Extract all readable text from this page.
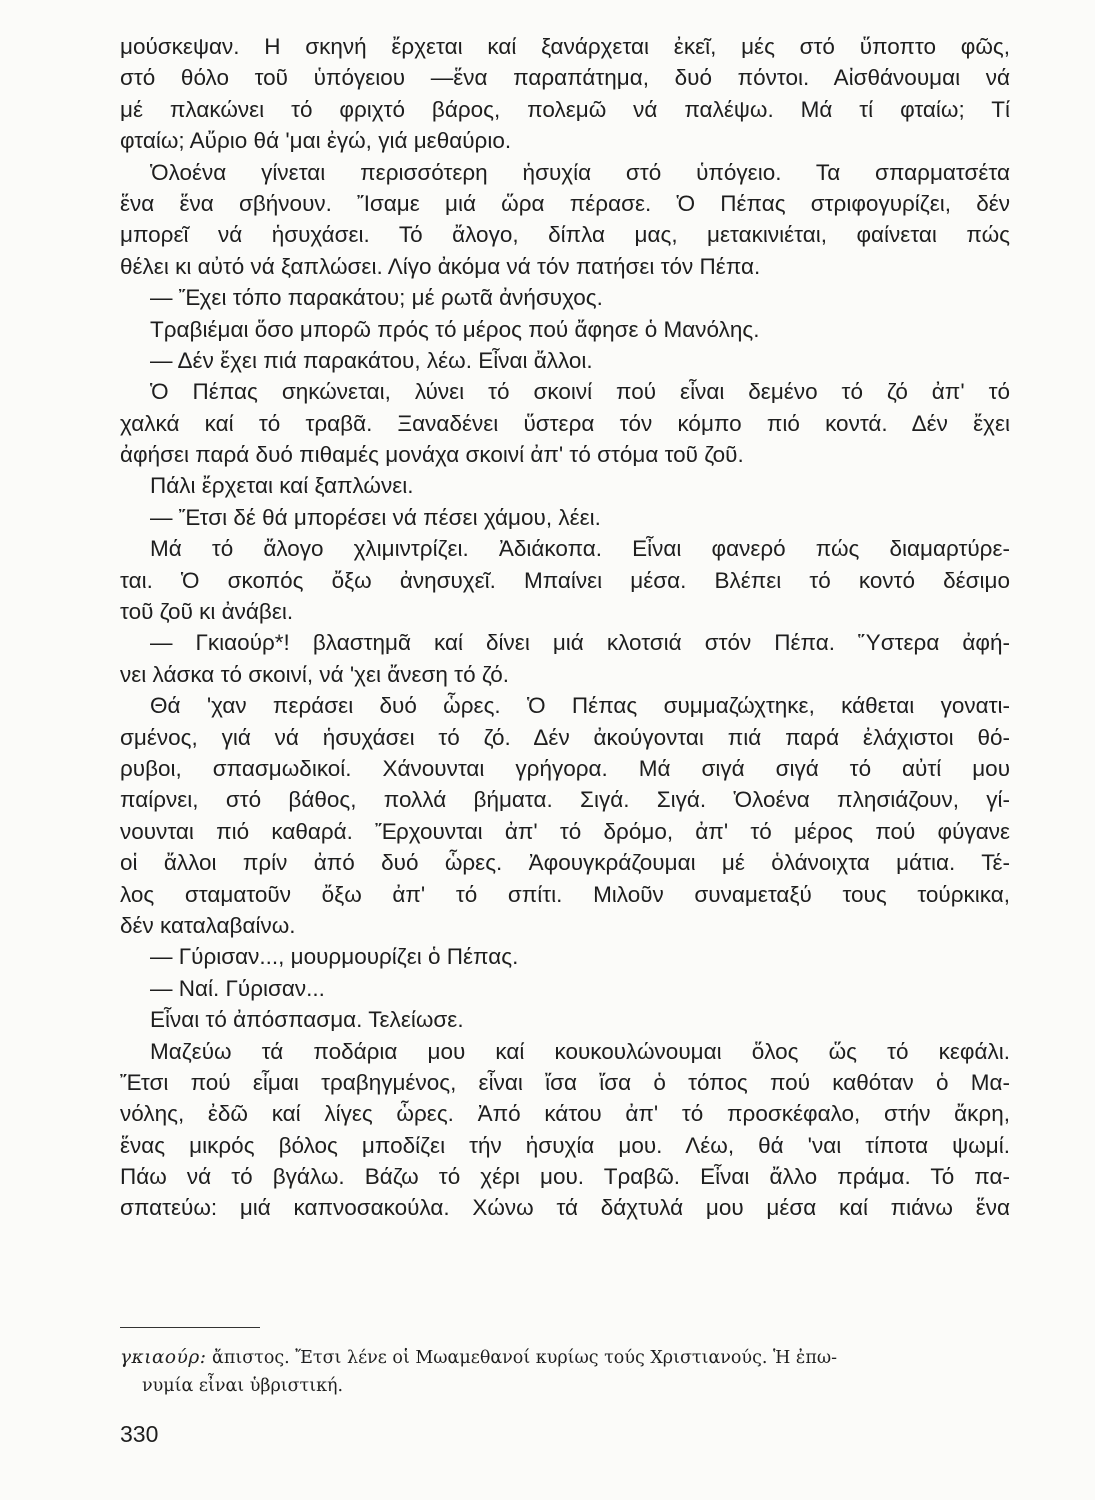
μούσκεψαν. Η σκηνή ἔρχεται καί ξανάρχεται ἐκεῖ, μές στό ὕποπτο φῶς,
στό θόλο τοῦ ὑπόγειου —ἕνα παραπάτημα, δυό πόντοι. Αἰσθάνουμαι νά
μέ πλακώνει τό φριχτό βάρος, πολεμῶ νά παλέψω. Μά τί φταίω; Τί
φταίω; Αὔριο θά 'μαι ἐγώ, γιά μεθαύριο.
Ὁλοένα γίνεται περισσότερη ἡσυχία στό ὑπόγειο. Τα σπαρματσέτα
ἕνα ἕνα σβήνουν. Ἴσαμε μιά ὥρα πέρασε. Ὁ Πέπας στριφογυρίζει, δέν
μπορεῖ νά ἡσυχάσει. Τό ἄλογο, δίπλα μας, μετακινιέται, φαίνεται πώς
θέλει κι αὐτό νά ξαπλώσει. Λίγο ἀκόμα νά τόν πατήσει τόν Πέπα.
— Ἔχει τόπο παρακάτου; μέ ρωτᾶ ἀνήσυχος.
Τραβιέμαι ὅσο μπορῶ πρός τό μέρος πού ἄφησε ὁ Μανόλης.
— Δέν ἔχει πιά παρακάτου, λέω. Εἶναι ἄλλοι.
Ὁ Πέπας σηκώνεται, λύνει τό σκοινί πού εἶναι δεμένο τό ζό ἀπ' τό
χαλκά καί τό τραβᾶ. Ξαναδένει ὕστερα τόν κόμπο πιό κοντά. Δέν ἔχει
ἀφήσει παρά δυό πιθαμές μονάχα σκοινί ἀπ' τό στόμα τοῦ ζοῦ.
Πάλι ἔρχεται καί ξαπλώνει.
— Ἔτσι δέ θά μπορέσει νά πέσει χάμου, λέει.
Μά τό ἄλογο χλιμιντρίζει. Ἀδιάκοπα. Εἶναι φανερό πώς διαμαρτύρε-
ται. Ὁ σκοπός ὄξω ἀνησυχεῖ. Μπαίνει μέσα. Βλέπει τό κοντό δέσιμο
τοῦ ζοῦ κι ἀνάβει.
— Γκιαούρ*! βλαστημᾶ καί δίνει μιά κλοτσιά στόν Πέπα. Ὕστερα ἀφή-
νει λάσκα τό σκοινί, νά 'χει ἄνεση τό ζό.
Θά 'χαν περάσει δυό ὧρες. Ὁ Πέπας συμμαζώχτηκε, κάθεται γονατι-
σμένος, γιά νά ἡσυχάσει τό ζό. Δέν ἀκούγονται πιά παρά ἐλάχιστοι θό-
ρυβοι, σπασμωδικοί. Χάνουνται γρήγορα. Μά σιγά σιγά τό αὐτί μου
παίρνει, στό βάθος, πολλά βήματα. Σιγά. Σιγά. Ὁλοένα πλησιάζουν, γί-
νουνται πιό καθαρά. Ἔρχουνται ἀπ' τό δρόμο, ἀπ' τό μέρος πού φύγανε
οἱ ἄλλοι πρίν ἀπό δυό ὧρες. Ἀφουγκράζουμαι μέ ὁλάνοιχτα μάτια. Τέ-
λος σταματοῦν ὄξω ἀπ' τό σπίτι. Μιλοῦν συναμεταξύ τους τούρκικα,
δέν καταλαβαίνω.
— Γύρισαν..., μουρμουρίζει ὁ Πέπας.
— Ναί. Γύρισαν...
Εἶναι τό ἀπόσπασμα. Τελείωσε.
Μαζεύω τά ποδάρια μου καί κουκουλώνουμαι ὅλος ὥς τό κεφάλι.
Ἔτσι πού εἶμαι τραβηγμένος, εἶναι ἴσα ἴσα ὁ τόπος πού καθόταν ὁ Μα-
νόλης, ἐδῶ καί λίγες ὧρες. Ἀπό κάτου ἀπ' τό προσκέφαλο, στήν ἄκρη,
ἕνας μικρός βόλος μποδίζει τήν ἡσυχία μου. Λέω, θά 'ναι τίποτα ψωμί.
Πάω νά τό βγάλω. Βάζω τό χέρι μου. Τραβῶ. Εἶναι ἄλλο πράμα. Τό πα-
σπατεύω: μιά καπνοσακούλα. Χώνω τά δάχτυλά μου μέσα καί πιάνω ἕνα
γκιαούρ: ἄπιστος. Ἔτσι λένε οἱ Μωαμεθανοί κυρίως τούς Χριστιανούς. Ἡ ἐπω-
νυμία εἶναι ὑβριστική.
330
